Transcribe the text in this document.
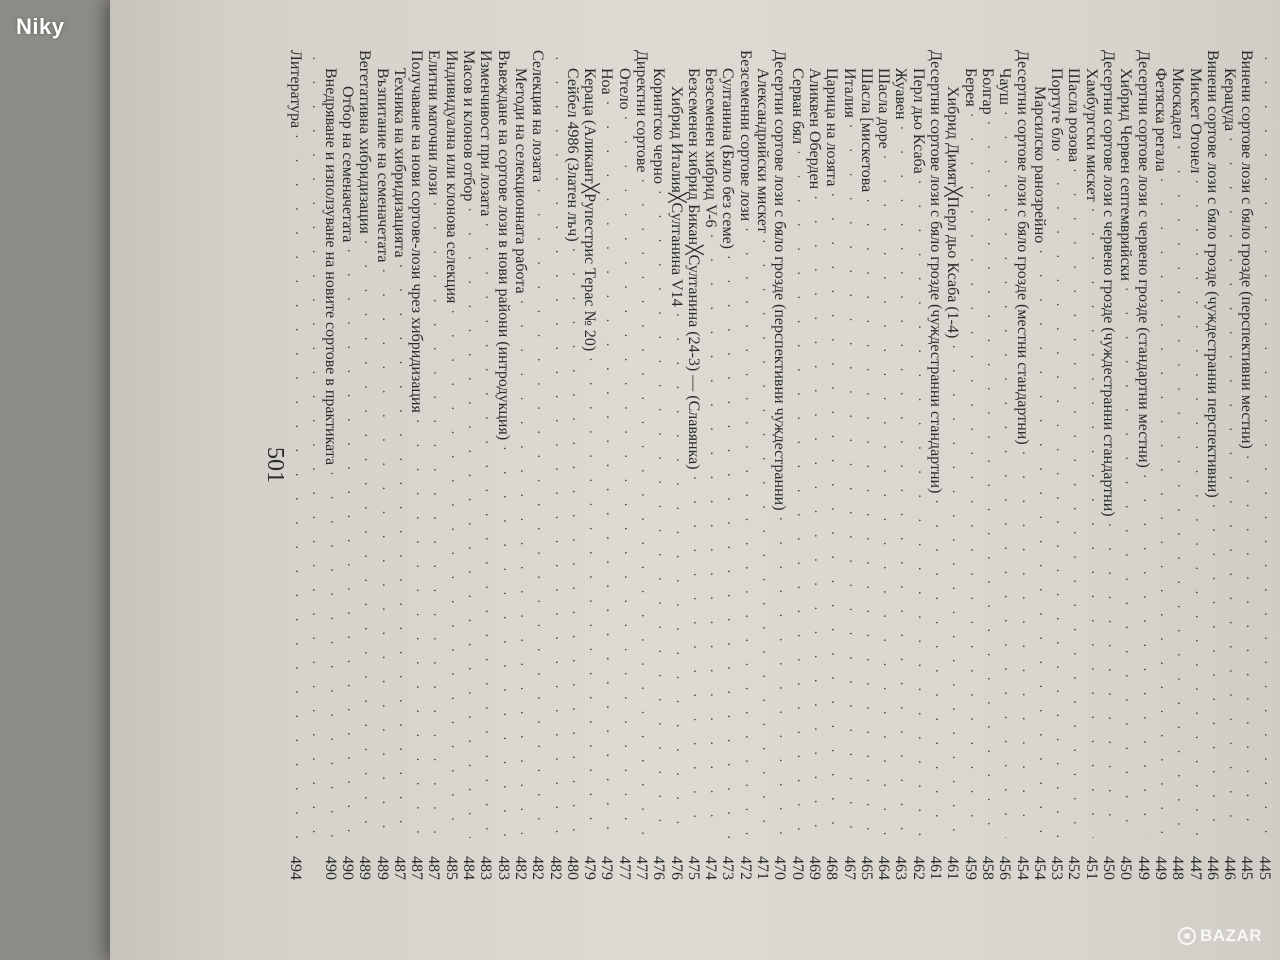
· · ·
445
Винени сортове лози с бяло грозде (перспективни местни)
· · ·
445
Керацуда
· · ·
446
Винени сортове лози с бяло грозде (чуждестранни перспективни)
· · ·
446
Мискет Отонел
· · ·
447
Мюскадел
· · ·
448
Фетяска регала
· · ·
449
Десертни сортове лози с червено грозде (стандартни местни)
· · ·
449
Хибрид Червен септемврийски
· · ·
450
Десертни сортове лози с червено грозде (чуждестранни стандартни)
· · ·
450
Хамбургски мискет
· · ·
451
Шасла розова
· · ·
452
Португе бло
· · ·
453
Марсилско ранозрейно
· · ·
454
Десертни сортове лози с бяло грозде (местни стандартни)
· · ·
454
Чауш
· · ·
456
Болгар
· · ·
458
Берея
· · ·
459
Хибрид Димят╳Перл дьо Ксаба (1-4)
· · ·
461
Десертни сортове лози с бяло грозде (чуждестранни стандартни)
· · ·
461
Перл дьо Ксаба
· · ·
462
Жуавен
· · ·
463
Шасла доре
· · ·
464
Шасла [мискетова
· · ·
465
Италия
· · ·
467
Царица на лозята
· · ·
468
Аликвен Оберден
· · ·
469
Серван бял
· · ·
470
Десертни сортове лози с бяло грозде (перспективни чуждестранни)
· · ·
470
Александрийски мискет
· · ·
471
Безсеменни сортове лози
· · ·
472
Султанина (Бяло без семе)
· · ·
473
Безсеменен хибрид V-6
· · ·
474
Безсеменен хибрид Бикан╳Султанина (24-3) — (Славянка)
· · ·
475
Хибрид Италия╳Султанина V14
· · ·
476
Коринтско черно
· · ·
476
Директни сортове
· · ·
477
Отело
· · ·
477
Ноа
· · ·
479
Кераца (Аликант╳Рупестрис Терас № 20)
· · ·
479
Сейбел 4986 (Златен лъч)
· · ·
480
· · ·
482
Селекция на лозата
· · ·
482
Методи на селекционната работа
· · ·
482
Въвеждане на сортове лози в нови райони (интродукция)
· · ·
483
Изменчивост при лозата
· · ·
483
Масов и клонов отбор
· · ·
484
Индивидуална или клонова селекция
· · ·
485
Елитни маточни лози
· · ·
487
Получаване на нови сортове-лози чрез хибридизация
· · ·
487
Техника на хибридизацията
· · ·
487
Възпитание на семеначетата
· · ·
489
Вегетативна хибридизация
· · ·
489
Отбор на семеначетата
· · ·
490
Внедряване и използуване на новите сортове в практиката
· · ·
490
· · ·
Литература
· · ·
494
501
Niky
BAZAR
